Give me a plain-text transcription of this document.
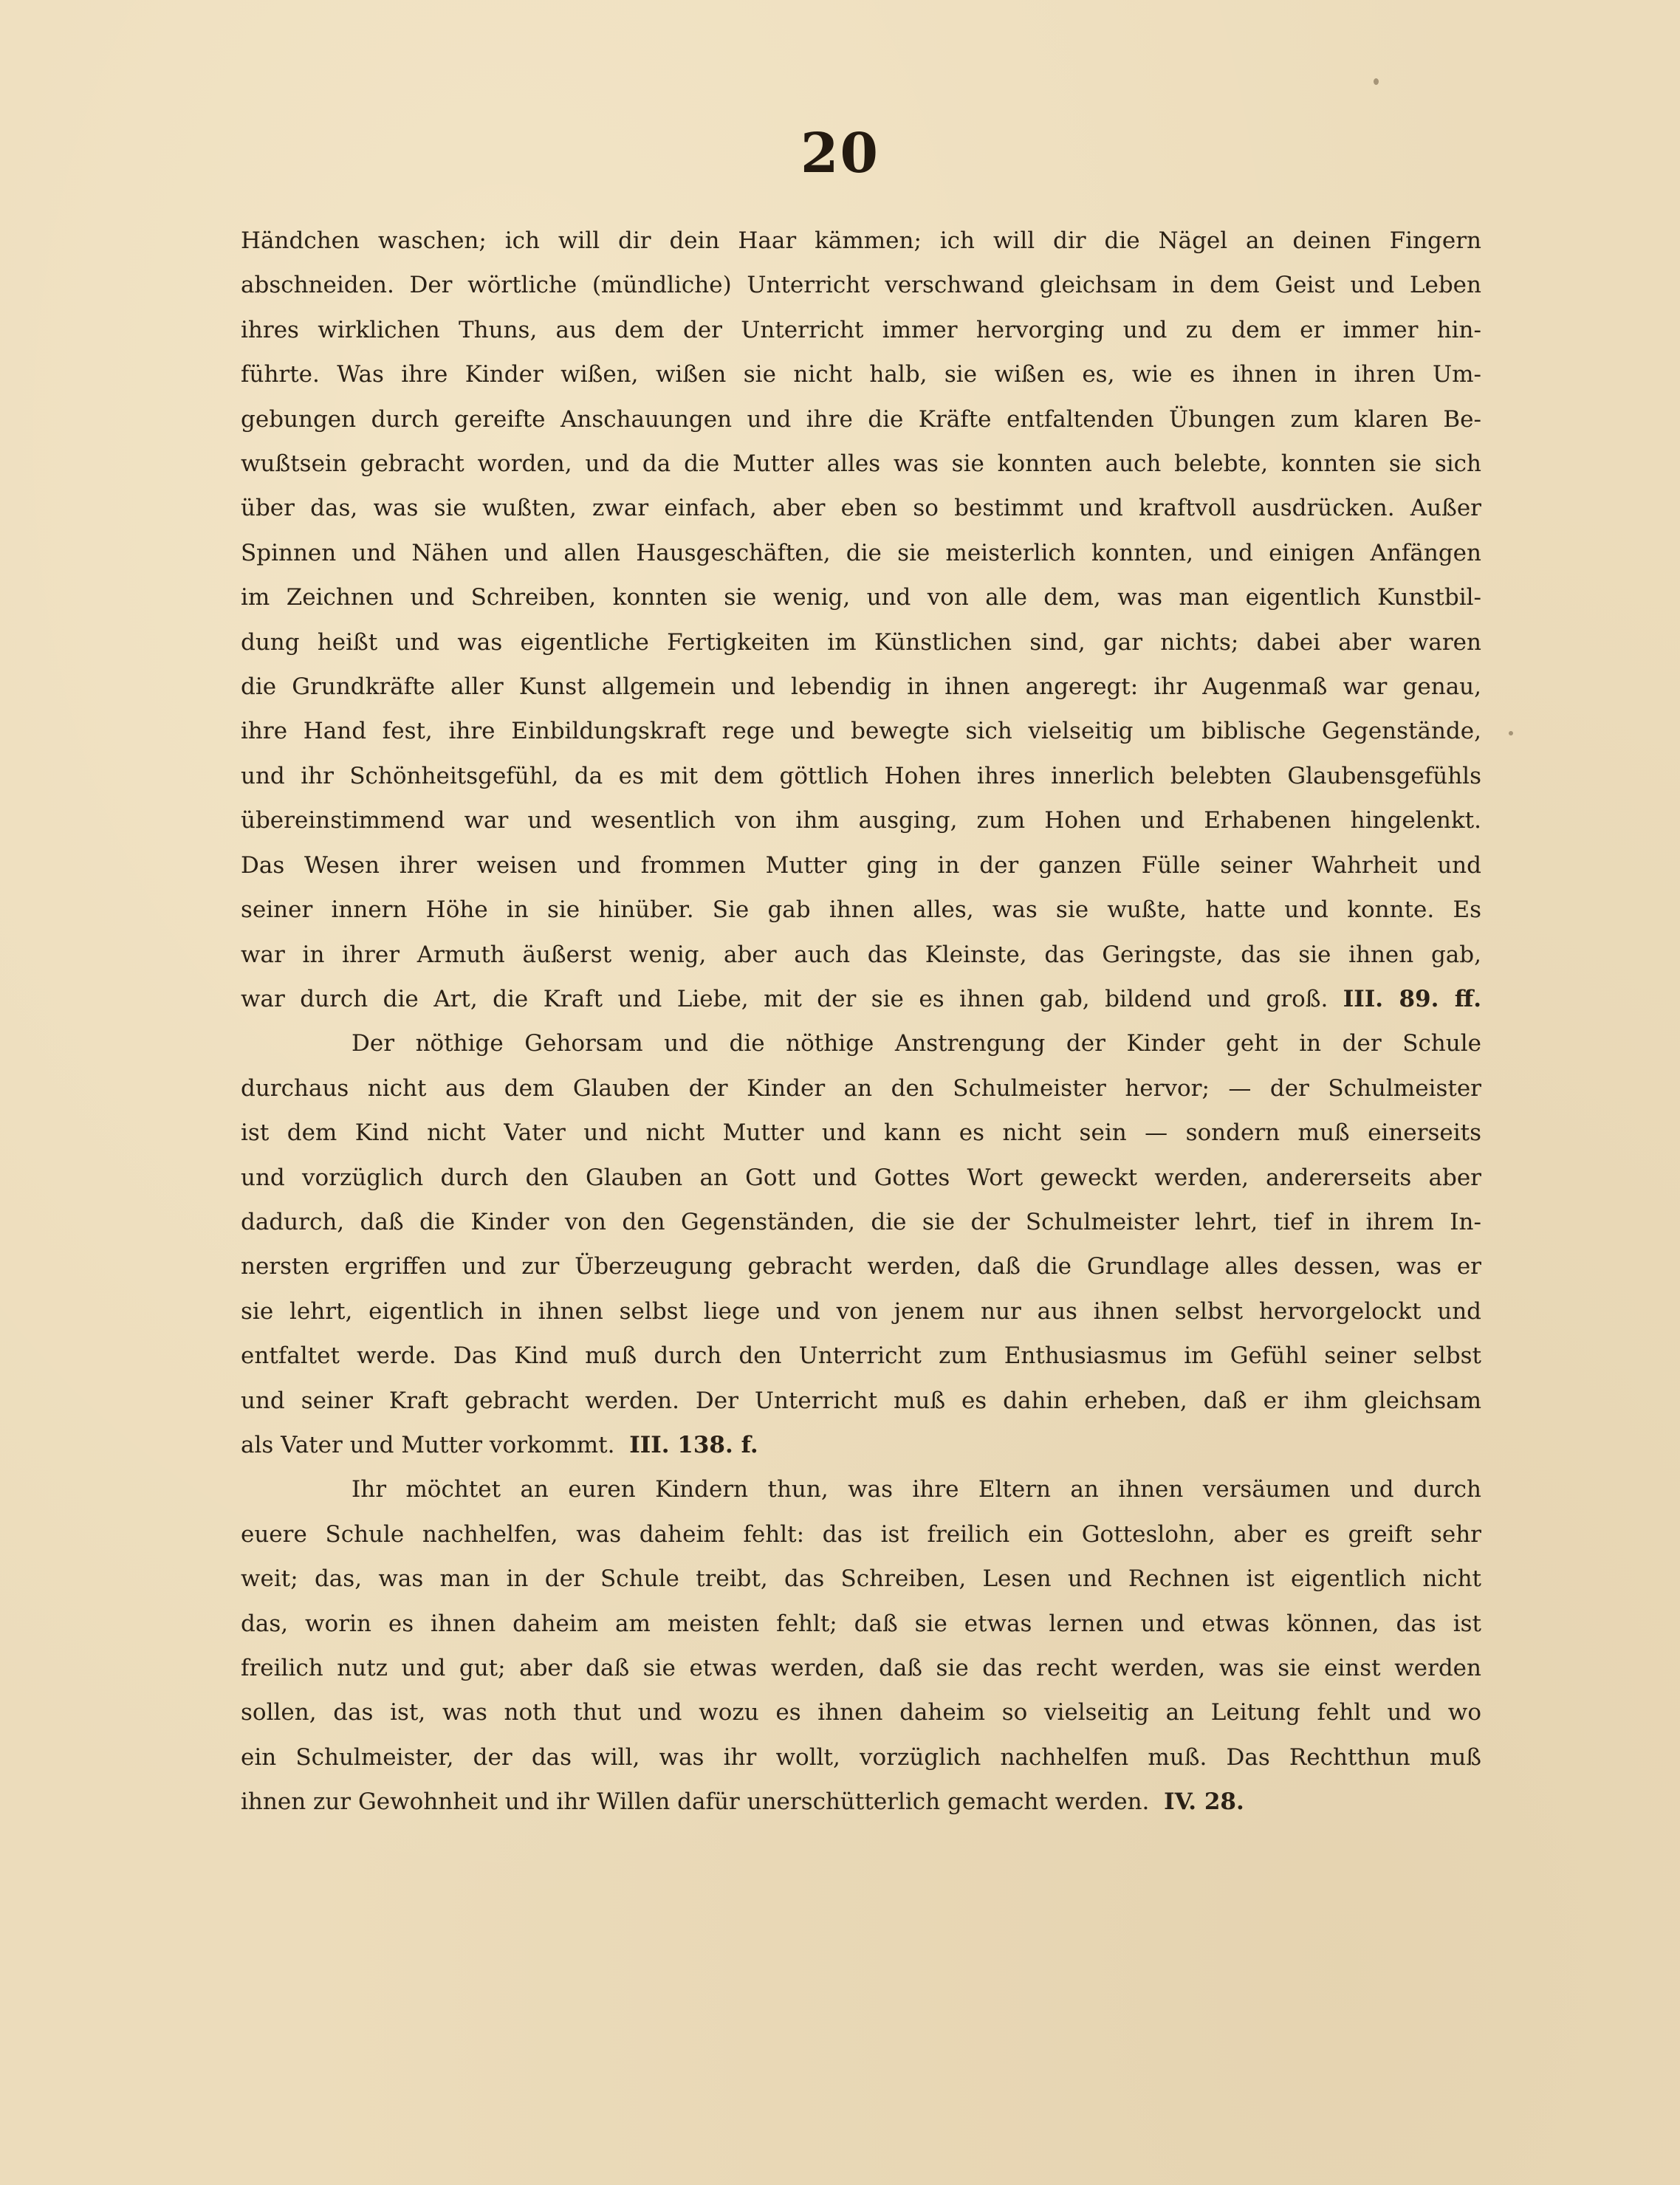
20
Händchen waschen; ich will dir dein Haar kämmen; ich will dir die Nägel an deinen Fingern
abschneiden. Der wörtliche (mündliche) Unterricht verschwand gleichsam in dem Geist und Leben
ihres wirklichen Thuns, aus dem der Unterricht immer hervorging und zu dem er immer hin-
führte. Was ihre Kinder wißen, wißen sie nicht halb, sie wißen es, wie es ihnen in ihren Um-
gebungen durch gereifte Anschauungen und ihre die Kräfte entfaltenden Übungen zum klaren Be-
wußtsein gebracht worden, und da die Mutter alles was sie konnten auch belebte, konnten sie sich
über das, was sie wußten, zwar einfach, aber eben so bestimmt und kraftvoll ausdrücken. Außer
Spinnen und Nähen und allen Hausgeschäften, die sie meisterlich konnten, und einigen Anfängen
im Zeichnen und Schreiben, konnten sie wenig, und von alle dem, was man eigentlich Kunstbil-
dung heißt und was eigentliche Fertigkeiten im Künstlichen sind, gar nichts; dabei aber waren
die Grundkräfte aller Kunst allgemein und lebendig in ihnen angeregt: ihr Augenmaß war genau,
ihre Hand fest, ihre Einbildungskraft rege und bewegte sich vielseitig um biblische Gegenstände,
und ihr Schönheitsgefühl, da es mit dem göttlich Hohen ihres innerlich belebten Glaubensgefühls
übereinstimmend war und wesentlich von ihm ausging, zum Hohen und Erhabenen hingelenkt.
Das Wesen ihrer weisen und frommen Mutter ging in der ganzen Fülle seiner Wahrheit und
seiner innern Höhe in sie hinüber. Sie gab ihnen alles, was sie wußte, hatte und konnte. Es
war in ihrer Armuth äußerst wenig, aber auch das Kleinste, das Geringste, das sie ihnen gab,
war durch die Art, die Kraft und Liebe, mit der sie es ihnen gab, bildend und groß. III. 89. ff.
Der nöthige Gehorsam und die nöthige Anstrengung der Kinder geht in der Schule
durchaus nicht aus dem Glauben der Kinder an den Schulmeister hervor; — der Schulmeister
ist dem Kind nicht Vater und nicht Mutter und kann es nicht sein — sondern muß einerseits
und vorzüglich durch den Glauben an Gott und Gottes Wort geweckt werden, andererseits aber
dadurch, daß die Kinder von den Gegenständen, die sie der Schulmeister lehrt, tief in ihrem In-
nersten ergriffen und zur Überzeugung gebracht werden, daß die Grundlage alles dessen, was er
sie lehrt, eigentlich in ihnen selbst liege und von jenem nur aus ihnen selbst hervorgelockt und
entfaltet werde. Das Kind muß durch den Unterricht zum Enthusiasmus im Gefühl seiner selbst
und seiner Kraft gebracht werden. Der Unterricht muß es dahin erheben, daß er ihm gleichsam
als Vater und Mutter vorkommt. III. 138. f.
Ihr möchtet an euren Kindern thun, was ihre Eltern an ihnen versäumen und durch
euere Schule nachhelfen, was daheim fehlt: das ist freilich ein Gotteslohn, aber es greift sehr
weit; das, was man in der Schule treibt, das Schreiben, Lesen und Rechnen ist eigentlich nicht
das, worin es ihnen daheim am meisten fehlt; daß sie etwas lernen und etwas können, das ist
freilich nutz und gut; aber daß sie etwas werden, daß sie das recht werden, was sie einst werden
sollen, das ist, was noth thut und wozu es ihnen daheim so vielseitig an Leitung fehlt und wo
ein Schulmeister, der das will, was ihr wollt, vorzüglich nachhelfen muß. Das Rechtthun muß
ihnen zur Gewohnheit und ihr Willen dafür unerschütterlich gemacht werden. IV. 28.
